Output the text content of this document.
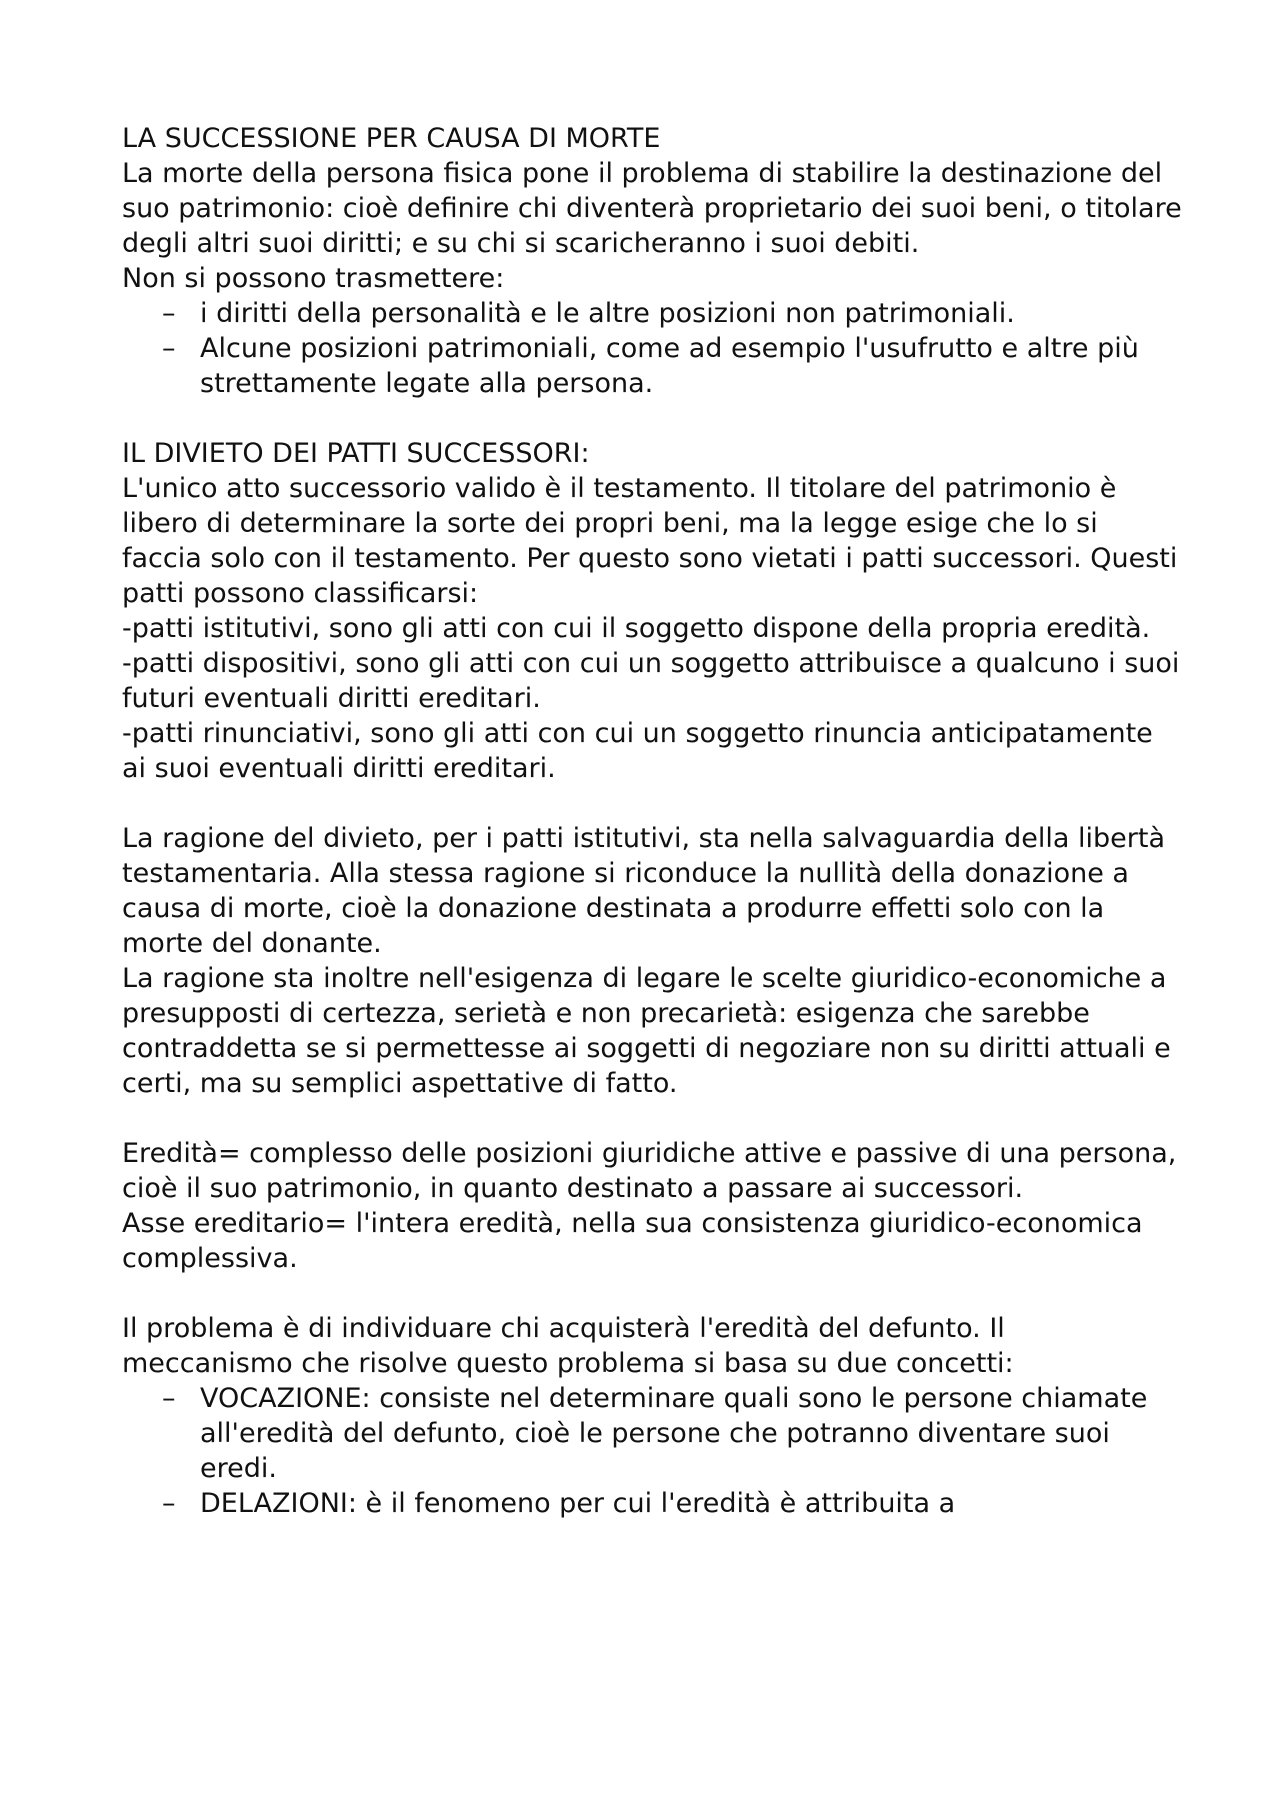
LA SUCCESSIONE PER CAUSA DI MORTE

La morte della persona fisica pone il problema di stabilire la destinazione del suo patrimonio: cioè definire chi diventerà proprietario dei suoi beni, o titolare degli altri suoi diritti; e su chi si scaricheranno i suoi debiti.

Non si possono trasmettere:

– i diritti della personalità e le altre posizioni non patrimoniali.
– Alcune posizioni patrimoniali, come ad esempio l'usufrutto e altre più strettamente legate alla persona.

IL DIVIETO DEI PATTI SUCCESSORI:

L'unico atto successorio valido è il testamento. Il titolare del patrimonio è libero di determinare la sorte dei propri beni, ma la legge esige che lo si faccia solo con il testamento. Per questo sono vietati i patti successori. Questi patti possono classificarsi:

-patti istitutivi, sono gli atti con cui il soggetto dispone della propria eredità.

-patti dispositivi, sono gli atti con cui un soggetto attribuisce a qualcuno i suoi futuri eventuali diritti ereditari.

-patti rinunciativi, sono gli atti con cui un soggetto rinuncia anticipatamente ai suoi eventuali diritti ereditari.

La ragione del divieto, per i patti istitutivi, sta nella salvaguardia della libertà testamentaria. Alla stessa ragione si riconduce la nullità della donazione a causa di morte, cioè la donazione destinata a produrre effetti solo con la morte del donante.

La ragione sta inoltre nell'esigenza di legare le scelte giuridico-economiche a presupposti di certezza, serietà e non precarietà: esigenza che sarebbe contraddetta se si permettesse ai soggetti di negoziare non su diritti attuali e certi, ma su semplici aspettative di fatto.

Eredità= complesso delle posizioni giuridiche attive e passive di una persona, cioè il suo patrimonio, in quanto destinato a passare ai successori.

Asse ereditario= l'intera eredità, nella sua consistenza giuridico-economica complessiva.

Il problema è di individuare chi acquisterà l'eredità del defunto. Il meccanismo che risolve questo problema si basa su due concetti:

– VOCAZIONE: consiste nel determinare quali sono le persone chiamate all'eredità del defunto, cioè le persone che potranno diventare suoi eredi.
– DELAZIONI: è il fenomeno per cui l'eredità è attribuita a
